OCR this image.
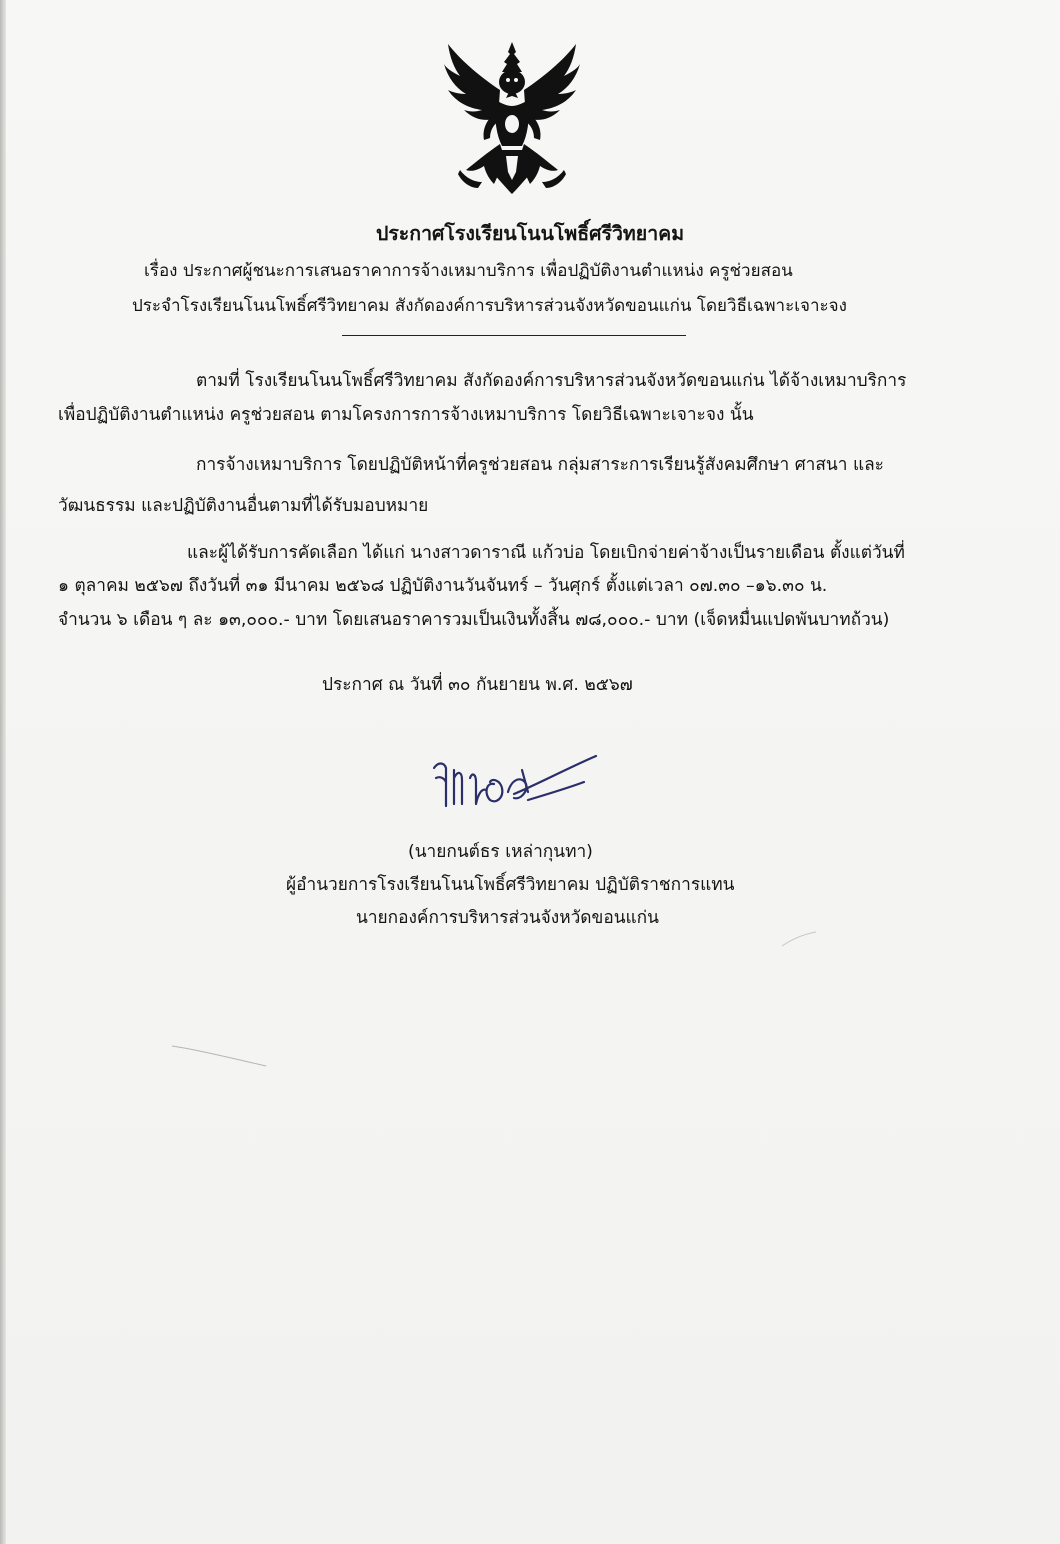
ประกาศโรงเรียนโนนโพธิ์ศรีวิทยาคม
เรื่อง ประกาศผู้ชนะการเสนอราคาการจ้างเหมาบริการ เพื่อปฏิบัติงานตำแหน่ง ครูช่วยสอน
ประจำโรงเรียนโนนโพธิ์ศรีวิทยาคม สังกัดองค์การบริหารส่วนจังหวัดขอนแก่น โดยวิธีเฉพาะเจาะจง
ตามที่ โรงเรียนโนนโพธิ์ศรีวิทยาคม สังกัดองค์การบริหารส่วนจังหวัดขอนแก่น ได้จ้างเหมาบริการ
เพื่อปฏิบัติงานตำแหน่ง ครูช่วยสอน ตามโครงการการจ้างเหมาบริการ โดยวิธีเฉพาะเจาะจง นั้น
การจ้างเหมาบริการ โดยปฏิบัติหน้าที่ครูช่วยสอน กลุ่มสาระการเรียนรู้สังคมศึกษา ศาสนา และ
วัฒนธรรม และปฏิบัติงานอื่นตามที่ได้รับมอบหมาย
และผู้ได้รับการคัดเลือก ได้แก่ นางสาวดาราณี แก้วบ่อ โดยเบิกจ่ายค่าจ้างเป็นรายเดือน ตั้งแต่วันที่
๑ ตุลาคม ๒๕๖๗ ถึงวันที่ ๓๑ มีนาคม ๒๕๖๘ ปฏิบัติงานวันจันทร์ – วันศุกร์ ตั้งแต่เวลา ๐๗.๓๐ –๑๖.๓๐ น.
จำนวน ๖ เดือน ๆ ละ ๑๓,๐๐๐.- บาท โดยเสนอราคารวมเป็นเงินทั้งสิ้น ๗๘,๐๐๐.- บาท (เจ็ดหมื่นแปดพันบาทถ้วน)
ประกาศ ณ วันที่ ๓๐ กันยายน พ.ศ. ๒๕๖๗
(นายกนต์ธร เหล่ากุนทา)
ผู้อำนวยการโรงเรียนโนนโพธิ์ศรีวิทยาคม ปฏิบัติราชการแทน
นายกองค์การบริหารส่วนจังหวัดขอนแก่น
